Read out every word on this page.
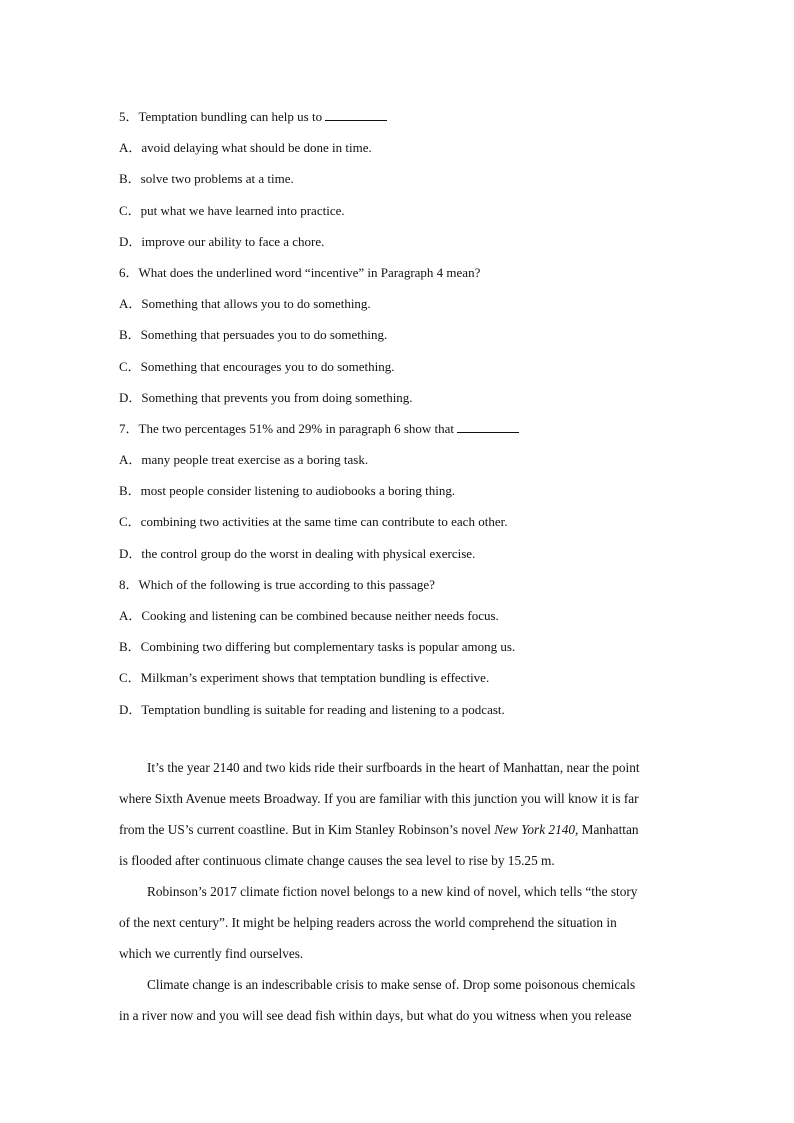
5．Temptation bundling can help us to
A．avoid delaying what should be done in time.
B．solve two problems at a time.
C．put what we have learned into practice.
D．improve our ability to face a chore.
6．What does the underlined word “incentive” in Paragraph 4 mean?
A．Something that allows you to do something.
B．Something that persuades you to do something.
C．Something that encourages you to do something.
D．Something that prevents you from doing something.
7．The two percentages 51% and 29% in paragraph 6 show that
A．many people treat exercise as a boring task.
B．most people consider listening to audiobooks a boring thing.
C．combining two activities at the same time can contribute to each other.
D．the control group do the worst in dealing with physical exercise.
8．Which of the following is true according to this passage?
A．Cooking and listening can be combined because neither needs focus.
B．Combining two differing but complementary tasks is popular among us.
C．Milkman’s experiment shows that temptation bundling is effective.
D．Temptation bundling is suitable for reading and listening to a podcast.
It’s the year 2140 and two kids ride their surfboards in the heart of Manhattan, near the point
where Sixth Avenue meets Broadway. If you are familiar with this junction you will know it is far
from the US’s current coastline. But in Kim Stanley Robinson’s novel New York 2140, Manhattan
is flooded after continuous climate change causes the sea level to rise by 15.25 m.
Robinson’s 2017 climate fiction novel belongs to a new kind of novel, which tells “the story
of the next century”. It might be helping readers across the world comprehend the situation in
which we currently find ourselves.
Climate change is an indescribable crisis to make sense of. Drop some poisonous chemicals
in a river now and you will see dead fish within days, but what do you witness when you release
